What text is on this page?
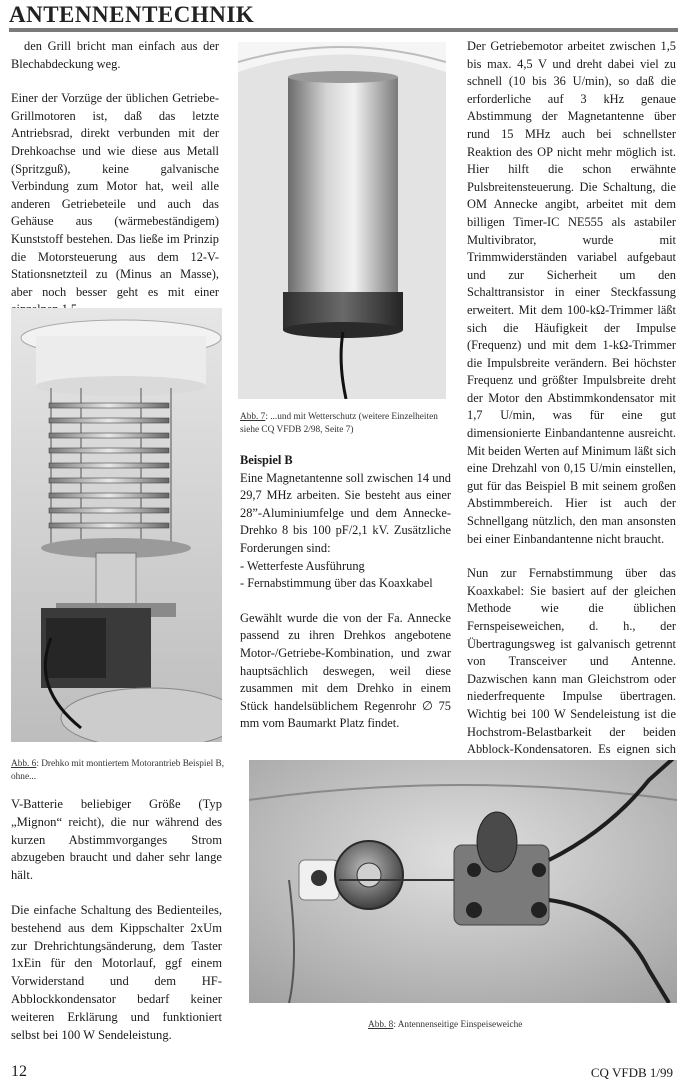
ANTENNENTECHNIK

den Grill bricht man einfach aus der Blechabdeckung weg.

Einer der Vorzüge der üblichen Getriebe-Grillmotoren ist, daß das letzte Antriebsrad, direkt verbunden mit der Drehkoachse und wie diese aus Metall (Spritzguß), keine galvanische Verbindung zum Motor hat, weil alle anderen Getriebeteile und auch das Gehäuse aus (wärmebeständigem) Kunststoff bestehen. Das ließe im Prinzip die Motorsteuerung aus dem 12-V-Stationsnetzteil zu (Minus an Masse), aber noch besser geht es mit einer

Abb. 6: Drehko mit montiertem Motorantrieb Beispiel B, ohne...

V-Batterie beliebiger Größe (Typ „Mignon“ reicht), die nur während des kurzen Abstimmvorganges Strom abzugeben braucht und daher sehr lange hält.

Die einfache Schaltung des Bedienteiles, bestehend aus dem Kippschalter 2xUm zur Drehrichtungsänderung, dem Taster 1xEin für den Motorlauf, ggf einem Vorwiderstand und dem HF-Abblockkondensator bedarf keiner weiteren Erklärung und funktioniert selbst bei 100 W Sendeleistung.

Abb. 7: ...und mit Wetterschutz (weitere Einzelheiten siehe CQ VFDB 2/98, Seite 7)

Beispiel B

Eine Magnetantenne soll zwischen 14 und 29,7 MHz arbeiten. Sie besteht aus einer 28”-Aluminiumfelge und dem Annecke-Drehko 8 bis 100 pF/2,1 kV. Zusätzliche Forderungen sind:

- Wetterfeste Ausführung

- Fernabstimmung über das Koaxkabel

Gewählt wurde die von der Fa. Annecke passend zu ihren Drehkos angebotene Motor-/Getriebe-Kombination, und zwar hauptsächlich deswegen, weil diese zusammen mit dem Drehko in einem Stück handelsüblichem Regenrohr ∅ 75 mm vom Baumarkt Platz findet.

Der Getriebemotor arbeitet zwischen 1,5 bis max. 4,5 V und dreht dabei viel zu schnell (10 bis 36 U/min), so daß die erforderliche auf 3 kHz genaue Abstimmung der Magnetantenne über rund 15 MHz auch bei schnellster Reaktion des OP nicht mehr möglich ist. Hier hilft die schon erwähnte Pulsbreitensteuerung. Die Schaltung, die OM Annecke angibt, arbeitet mit dem billigen Timer-IC NE555 als astabiler Multivibrator, wurde mit Trimmwiderständen variabel aufgebaut und zur Sicherheit um den Schalttransistor in einer Steckfassung erweitert. Mit dem 100-kΩ-Trimmer läßt sich die Häufigkeit der Impulse (Frequenz) und mit dem 1-kΩ-Trimmer die Impulsbreite verändern. Bei höchster Frequenz und größter Impulsbreite dreht der Motor den Abstimmkondensator mit 1,7 U/min, was für eine gut dimensionierte Einbandantenne ausreicht. Mit beiden Werten auf Minimum läßt sich eine Drehzahl von 0,15 U/min einstellen, gut für das Beispiel B mit seinem großen Abstimmbereich. Hier ist auch der Schnellgang nützlich, den man ansonsten bei einer Einbandantenne nicht braucht.

Nun zur Fernabstimmung über das Koaxkabel: Sie basiert auf der gleichen Methode wie die üblichen Fernspeiseweichen, d. h., der Übertragungsweg ist galvanisch getrennt von Transceiver und Antenne. Dazwischen kann man Gleichstrom oder niederfrequente Impulse übertragen. Wichtig bei 100 W Sendeleistung ist die Hochstrom-Belastbarkeit der beiden Abblock-Kondensatoren. Es eignen sich

Abb. 8: Antennenseitige Einspeiseweiche
12	CQ VFDB 1/99
